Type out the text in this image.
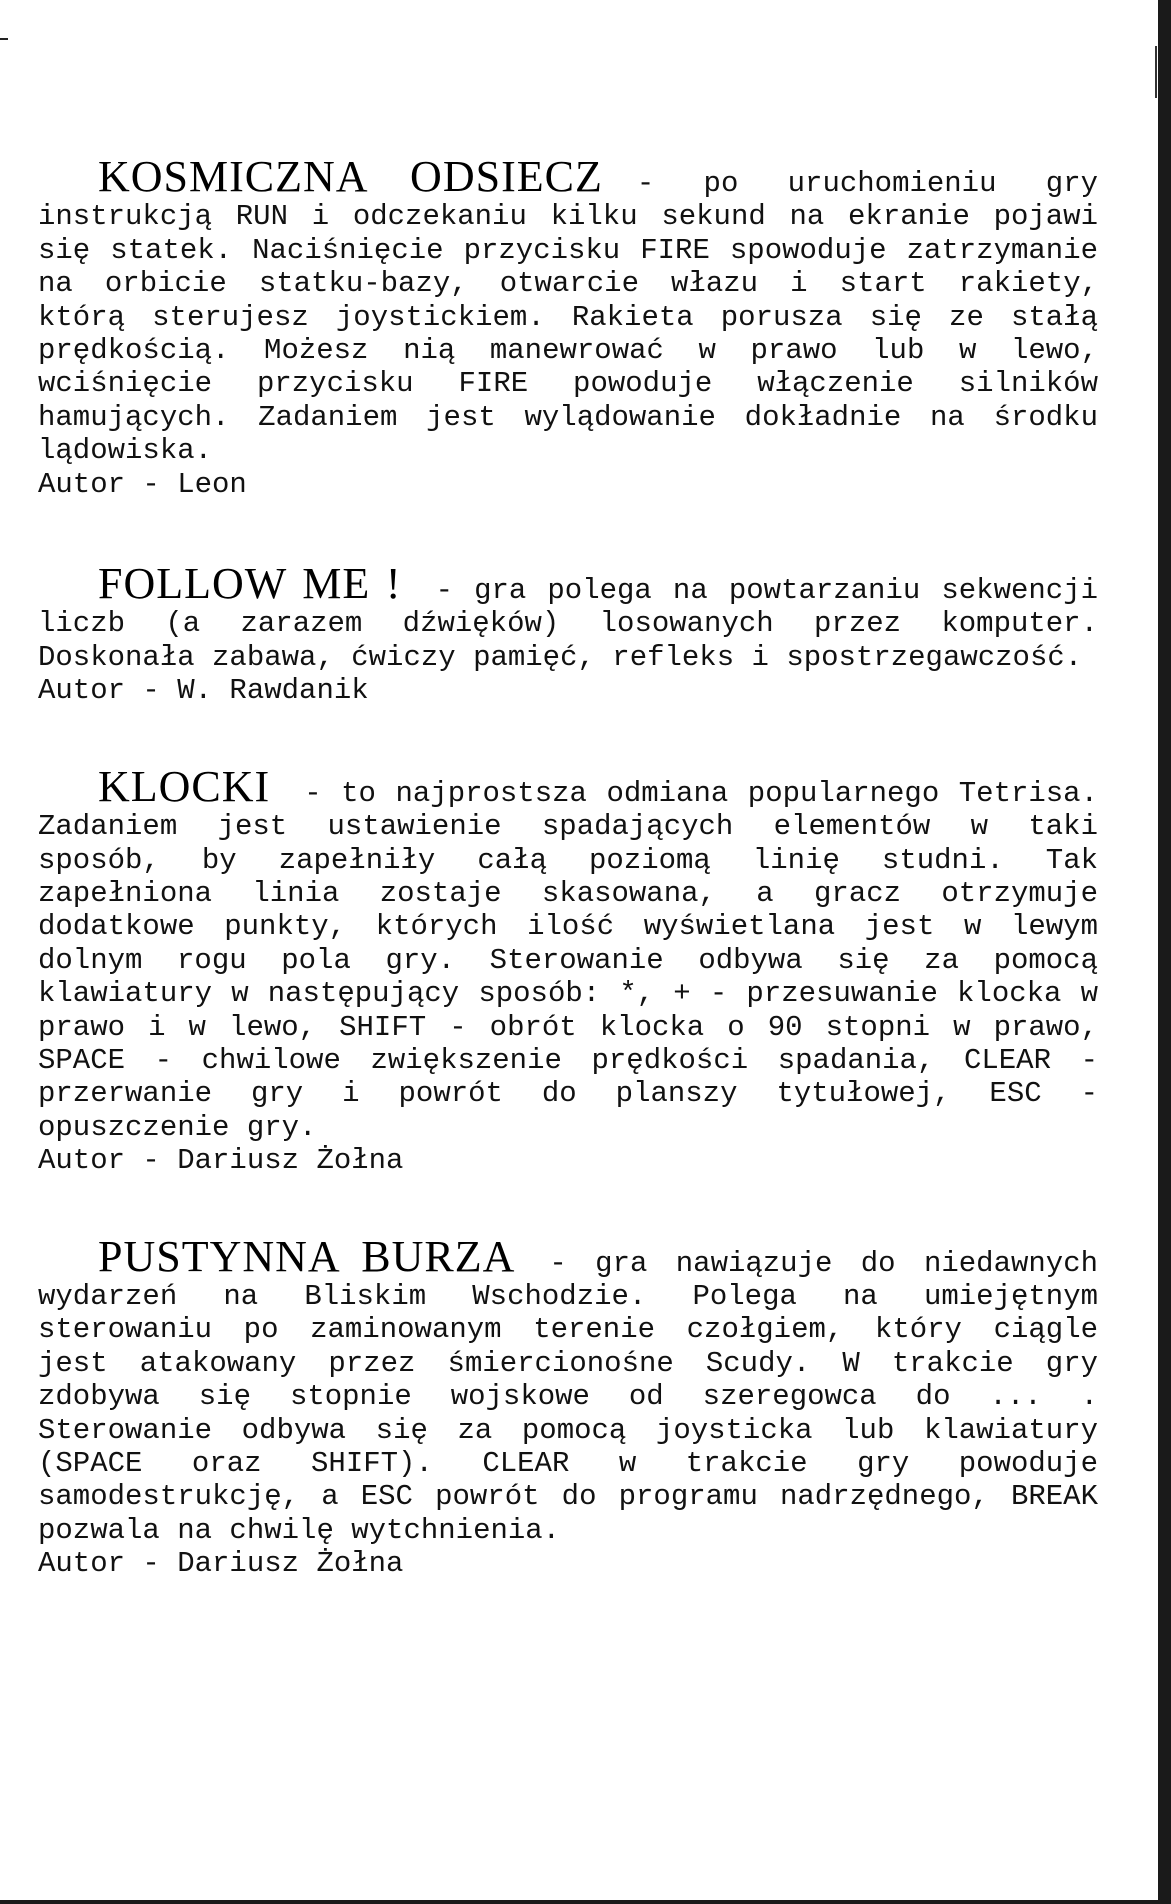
KOSMICZNA ODSIECZ - po uruchomieniu gry instrukcją RUN i odczekaniu kilku sekund na ekranie pojawi się statek. Naciśnięcie przycisku FIRE spowoduje zatrzymanie na orbicie statku-bazy, otwarcie włazu i start rakiety, którą sterujesz joystickiem. Rakieta porusza się ze stałą prędkością. Możesz nią manewrować w prawo lub w lewo, wciśnięcie przycisku FIRE powoduje włączenie silników hamujących. Zadaniem jest wylądowanie dokładnie na środku lądowiska.

Autor - Leon

FOLLOW ME ! - gra polega na powtarzaniu sekwencji liczb (a zarazem dźwięków) losowanych przez komputer. Doskonała zabawa, ćwiczy pamięć, refleks i spostrzegawczość.

Autor - W. Rawdanik

KLOCKI - to najprostsza odmiana popularnego Tetrisa. Zadaniem jest ustawienie spadających elementów w taki sposób, by zapełniły całą poziomą linię studni. Tak zapełniona linia zostaje skasowana, a gracz otrzymuje dodatkowe punkty, których ilość wyświetlana jest w lewym dolnym rogu pola gry. Sterowanie odbywa się za pomocą klawiatury w następujący sposób: *, + - przesuwanie klocka w prawo i w lewo, SHIFT - obrót klocka o 90 stopni w prawo, SPACE - chwilowe zwiększenie prędkości spadania, CLEAR - przerwanie gry i powrót do planszy tytułowej, ESC - opuszczenie gry.

Autor - Dariusz Żołna

PUSTYNNA BURZA - gra nawiązuje do niedawnych wydarzeń na Bliskim Wschodzie. Polega na umiejętnym sterowaniu po zaminowanym terenie czołgiem, który ciągle jest atakowany przez śmiercionośne Scudy. W trakcie gry zdobywa się stopnie wojskowe od szeregowca do ... . Sterowanie odbywa się za pomocą joysticka lub klawiatury (SPACE oraz SHIFT). CLEAR w trakcie gry powoduje samodestrukcję, a ESC powrót do programu nadrzędnego, BREAK pozwala na chwilę wytchnienia.

Autor - Dariusz Żołna
